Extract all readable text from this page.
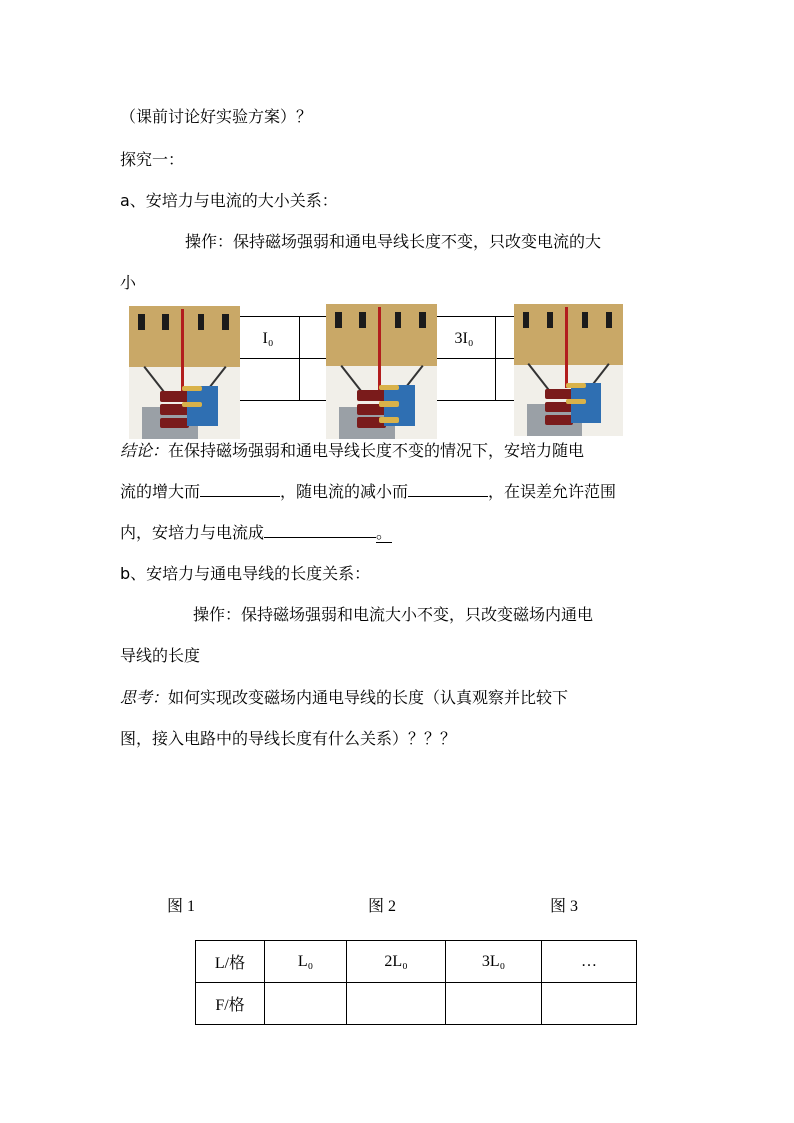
（课前讨论好实验方案）？
探究一：
a、安培力与电流的大小关系：
操作：保持磁场强弱和通电导线长度不变，只改变电流的大
小
I₀	
		3I₀	

结论：在保持磁场强弱和通电导线长度不变的情况下，安培力随电
流的增大而	，随电流的减小而	，在误差允许范围
内，安培力与电流成	。
b、安培力与通电导线的长度关系：
操作：保持磁场强弱和电流大小不变，只改变磁场内通电
导线的长度
思考：如何实现改变磁场内通电导线的长度（认真观察并比较下
图，接入电路中的导线长度有什么关系）？？？
图 1	图 2	图 3
L/格	L₀	2L₀	3L₀	…
F/格				
